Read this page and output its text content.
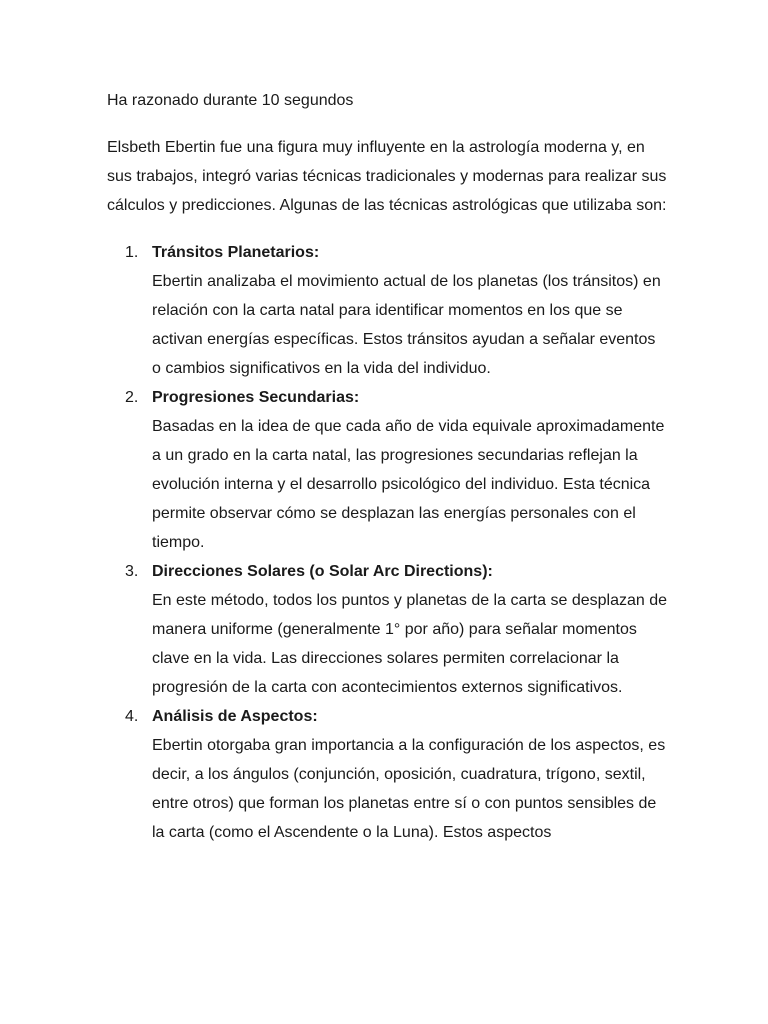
Ha razonado durante 10 segundos

Elsbeth Ebertin fue una figura muy influyente en la astrología moderna y, en sus trabajos, integró varias técnicas tradicionales y modernas para realizar sus cálculos y predicciones. Algunas de las técnicas astrológicas que utilizaba son:

1. Tránsitos Planetarios:
Ebertin analizaba el movimiento actual de los planetas (los tránsitos) en relación con la carta natal para identificar momentos en los que se activan energías específicas. Estos tránsitos ayudan a señalar eventos o cambios significativos en la vida del individuo.
2. Progresiones Secundarias:
Basadas en la idea de que cada año de vida equivale aproximadamente a un grado en la carta natal, las progresiones secundarias reflejan la evolución interna y el desarrollo psicológico del individuo. Esta técnica permite observar cómo se desplazan las energías personales con el tiempo.
3. Direcciones Solares (o Solar Arc Directions):
En este método, todos los puntos y planetas de la carta se desplazan de manera uniforme (generalmente 1° por año) para señalar momentos clave en la vida. Las direcciones solares permiten correlacionar la progresión de la carta con acontecimientos externos significativos.
4. Análisis de Aspectos:
Ebertin otorgaba gran importancia a la configuración de los aspectos, es decir, a los ángulos (conjunción, oposición, cuadratura, trígono, sextil, entre otros) que forman los planetas entre sí o con puntos sensibles de la carta (como el Ascendente o la Luna). Estos aspectos
